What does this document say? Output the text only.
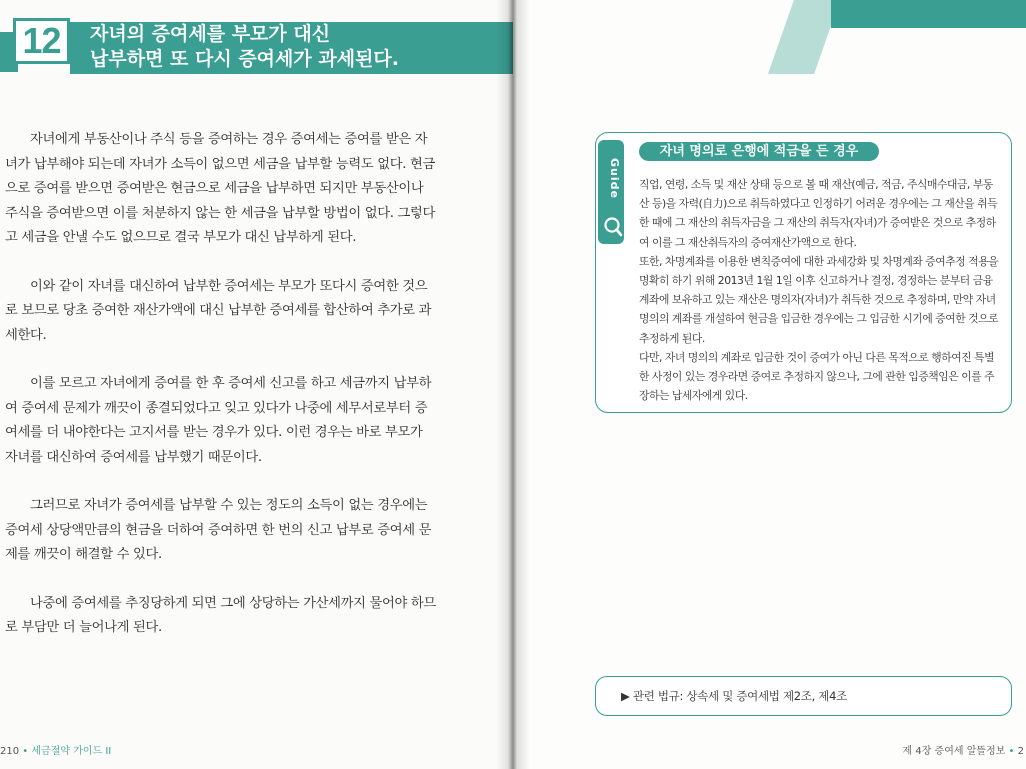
12 자녀의 증여세를 부모가 대신
납부하면 또 다시 증여세가 과세된다.

자녀에게 부동산이나 주식 등을 증여하는 경우 증여세는 증여를 받은 자녀가 납부해야 되는데 자녀가 소득이 없으면 세금을 납부할 능력도 없다. 현금으로 증여를 받으면 증여받은 현금으로 세금을 납부하면 되지만 부동산이나 주식을 증여받으면 이를 처분하지 않는 한 세금을 납부할 방법이 없다. 그렇다고 세금을 안낼 수도 없으므로 결국 부모가 대신 납부하게 된다.

이와 같이 자녀를 대신하여 납부한 증여세는 부모가 또다시 증여한 것으로 보므로 당초 증여한 재산가액에 대신 납부한 증여세를 합산하여 추가로 과세한다.

이를 모르고 자녀에게 증여를 한 후 증여세 신고를 하고 세금까지 납부하여 증여세 문제가 깨끗이 종결되었다고 잊고 있다가 나중에 세무서로부터 증여세를 더 내야한다는 고지서를 받는 경우가 있다. 이런 경우는 바로 부모가 자녀를 대신하여 증여세를 납부했기 때문이다.

그러므로 자녀가 증여세를 납부할 수 있는 정도의 소득이 없는 경우에는 증여세 상당액만큼의 현금을 더하여 증여하면 한 번의 신고 납부로 증여세 문제를 깨끗이 해결할 수 있다.

나중에 증여세를 추징당하게 되면 그에 상당하는 가산세까지 물어야 하므로 부담만 더 늘어나게 된다.

210 • 세금절약 가이드 II
Guide
자녀 명의로 은행에 적금을 든 경우

직업, 연령, 소득 및 재산 상태 등으로 볼 때 재산(예금, 적금, 주식매수대금, 부동산 등)을 자력(自力)으로 취득하였다고 인정하기 어려운 경우에는 그 재산을 취득한 때에 그 재산의 취득자금을 그 재산의 취득자(자녀)가 증여받은 것으로 추정하여 이를 그 재산취득자의 증여재산가액으로 한다.

또한, 차명계좌를 이용한 변칙증여에 대한 과세강화 및 차명계좌 증여추정 적용을 명확히 하기 위해 2013년 1월 1일 이후 신고하거나 결정, 경정하는 분부터 금융계좌에 보유하고 있는 재산은 명의자(자녀)가 취득한 것으로 추정하며, 만약 자녀 명의의 계좌를 개설하여 현금을 입금한 경우에는 그 입금한 시기에 증여한 것으로 추정하게 된다.

다만, 자녀 명의의 계좌로 입금한 것이 증여가 아닌 다른 목적으로 행하여진 특별한 사정이 있는 경우라면 증여로 추정하지 않으나, 그에 관한 입증책임은 이를 주장하는 납세자에게 있다.

▶ 관련 법규: 상속세 및 증여세법 제2조, 제4조
제 4장 증여세 알뜰정보 • 2
